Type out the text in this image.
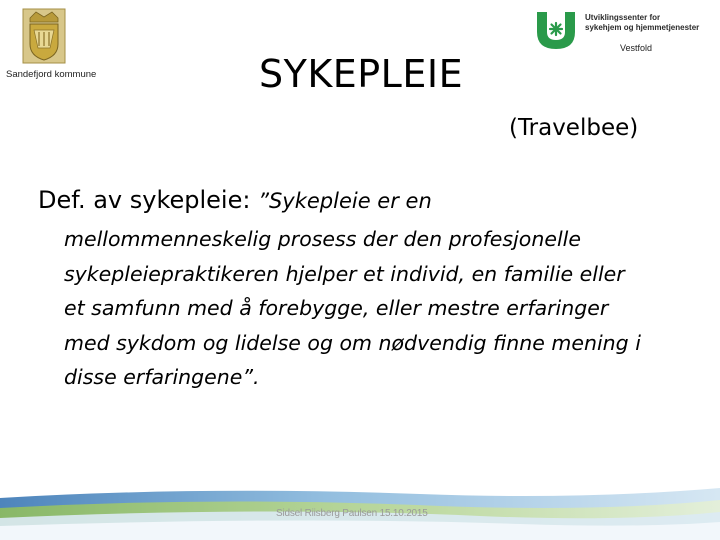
Sandefjord kommune	SYKEPLEIE
Utviklingssenter for
sykehjem og hjemmetjenester
Vestfold
(Travelbee)
Def. av sykepleie: ”Sykepleie er en
mellommenneskelig prosess der den profesjonelle
sykepleiepraktikeren hjelper et individ, en familie eller
et samfunn med å forebygge, eller mestre erfaringer
med sykdom og lidelse og om nødvendig finne mening i
disse erfaringene”.
Sidsel Riisberg Paulsen 15.10.2015
